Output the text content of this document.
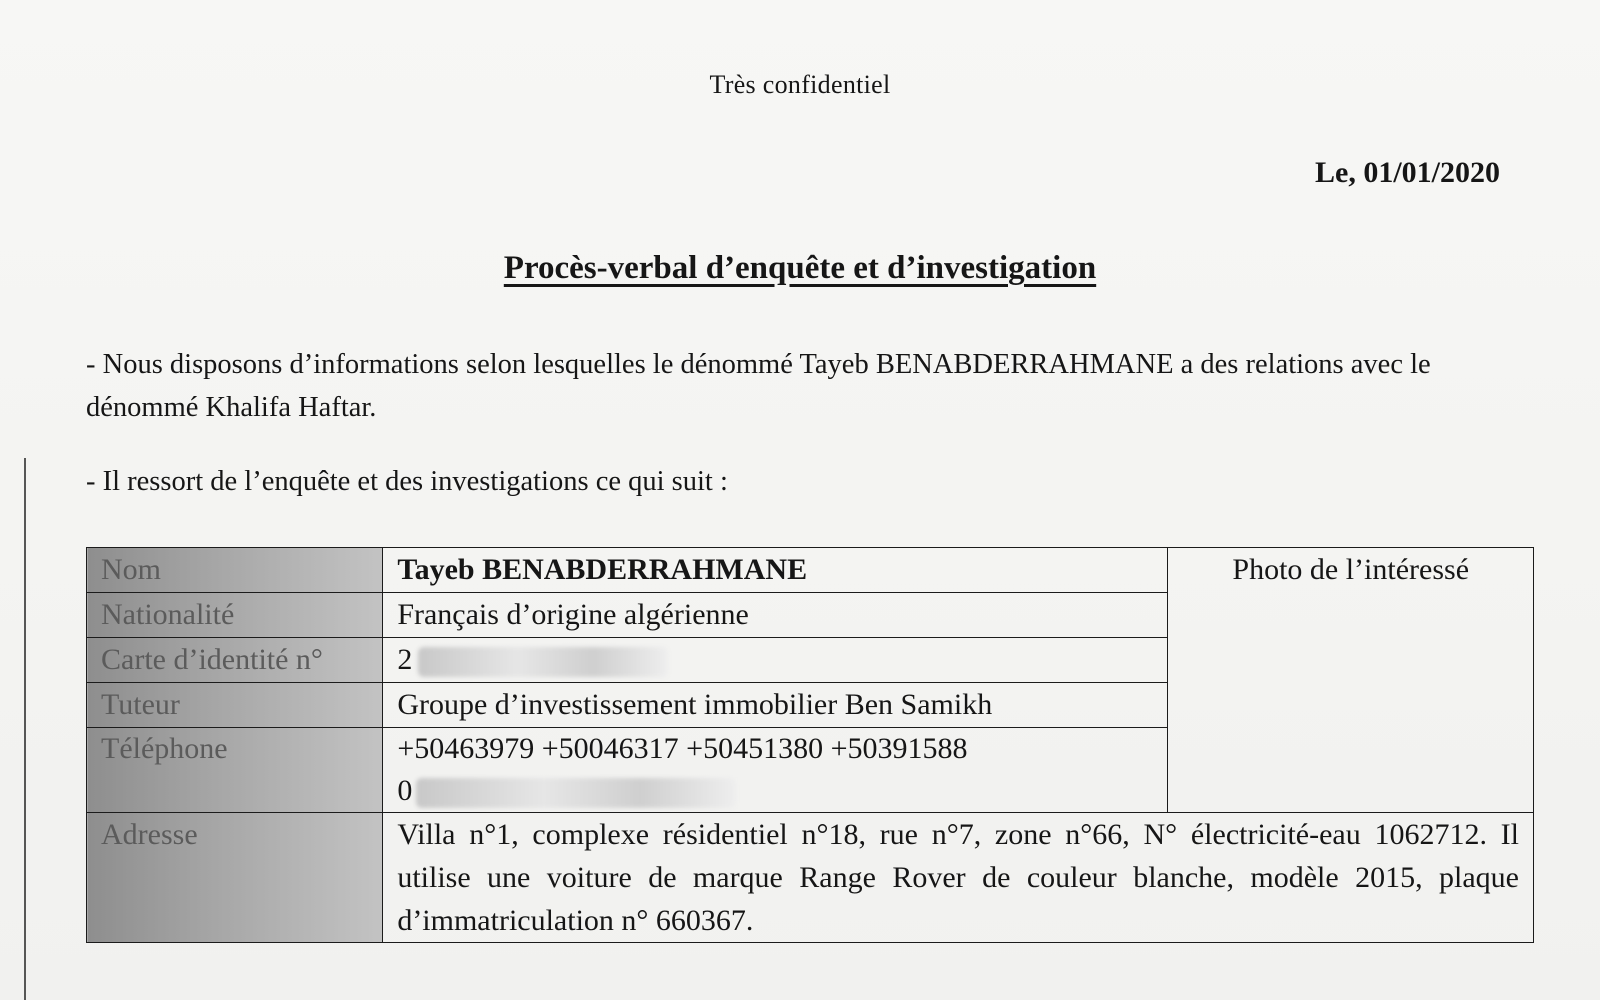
Très confidentiel
Le, 01/01/2020
Procès-verbal d’enquête et d’investigation
- Nous disposons d’informations selon lesquelles le dénommé Tayeb BENABDERRAHMANE a des relations avec le dénommé Khalifa Haftar.
- Il ressort de l’enquête et des investigations ce qui suit :
Nom	Tayeb BENABDERRAHMANE	Photo de l’intéressé
Nationalité	Français d’origine algérienne	
Carte d’identité n°	2	
Tuteur	Groupe d’investissement immobilier Ben Samikh	
Téléphone	+50463979 +50046317 +50451380 +50391588
0	

Adresse	Villa n°1, complexe résidentiel n°18, rue n°7, zone n°66, N° électricité-eau 1062712. Il utilise une voiture de marque Range Rover de couleur blanche, modèle 2015, plaque d’immatriculation n° 660367.	
